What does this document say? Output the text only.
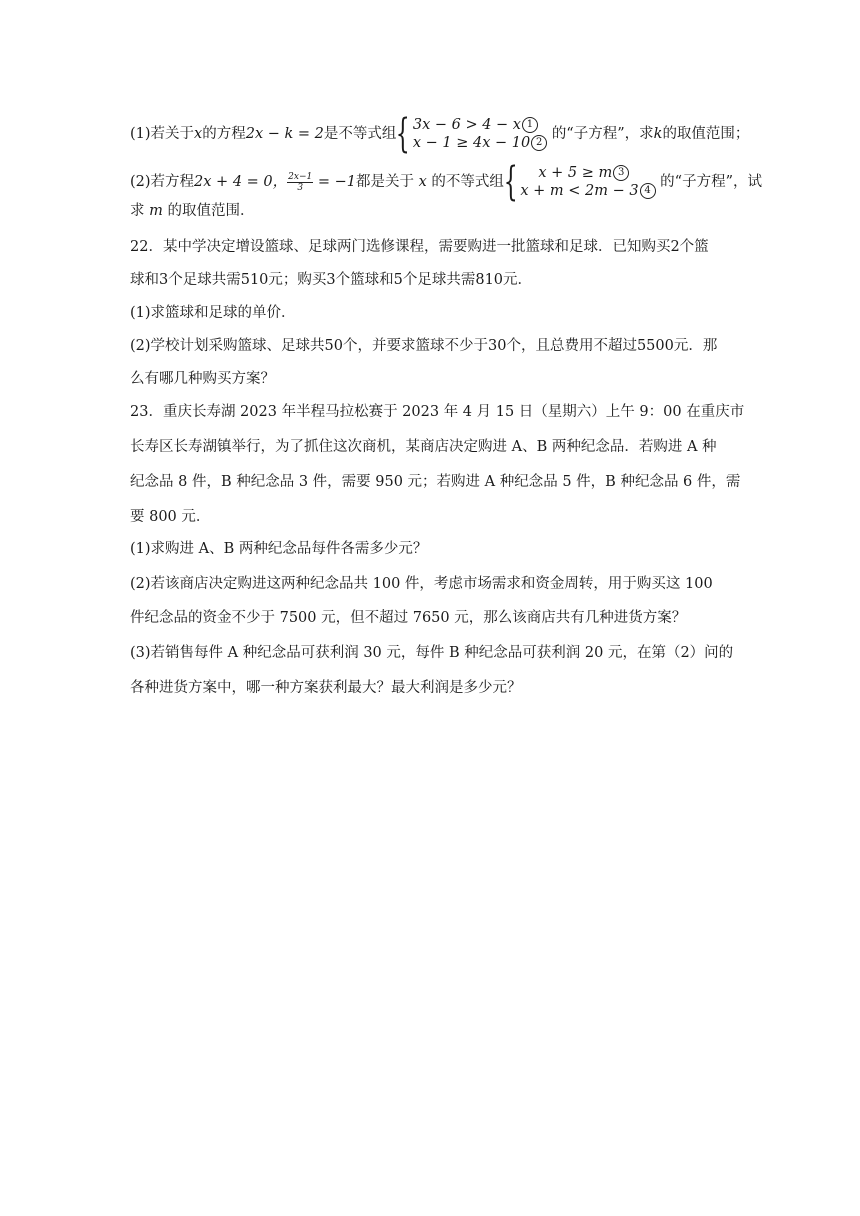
(1)若关于x的方程2x − k = 2是不等式组{ 3x − 6 > 4 − x 1
x − 1 ≥ 4x − 10 2
的“子方程”，求k的取值范围；
(2)若方程2x + 4 = 0， $\frac{2x-1}{3} = -1$都是关于 x 的不等式组{	x + 5 ≥ m 3
x + m < 2m − 3 4
的“子方程”，试
求 m 的取值范围．
22．某中学决定增设篮球、足球两门选修课程，需要购进一批篮球和足球．已知购买2个篮
球和3个足球共需510元；购买3个篮球和5个足球共需810元．
(1)求篮球和足球的单价．
(2)学校计划采购篮球、足球共50个，并要求篮球不少于30个，且总费用不超过5500元．那
么有哪几种购买方案？
23．重庆长寿湖 2023 年半程马拉松赛于 2023 年 4 月 15 日（星期六）上午 9：00 在重庆市
长寿区长寿湖镇举行，为了抓住这次商机，某商店决定购进 A、B 两种纪念品．若购进 A 种
纪念品 8 件，B 种纪念品 3 件，需要 950 元；若购进 A 种纪念品 5 件，B 种纪念品 6 件，需
要 800 元．
(1)求购进 A、B 两种纪念品每件各需多少元？
(2)若该商店决定购进这两种纪念品共 100 件，考虑市场需求和资金周转，用于购买这 100
件纪念品的资金不少于 7500 元，但不超过 7650 元，那么该商店共有几种进货方案？
(3)若销售每件 A 种纪念品可获利润 30 元，每件 B 种纪念品可获利润 20 元，在第（2）问的
各种进货方案中，哪一种方案获利最大？最大利润是多少元？
